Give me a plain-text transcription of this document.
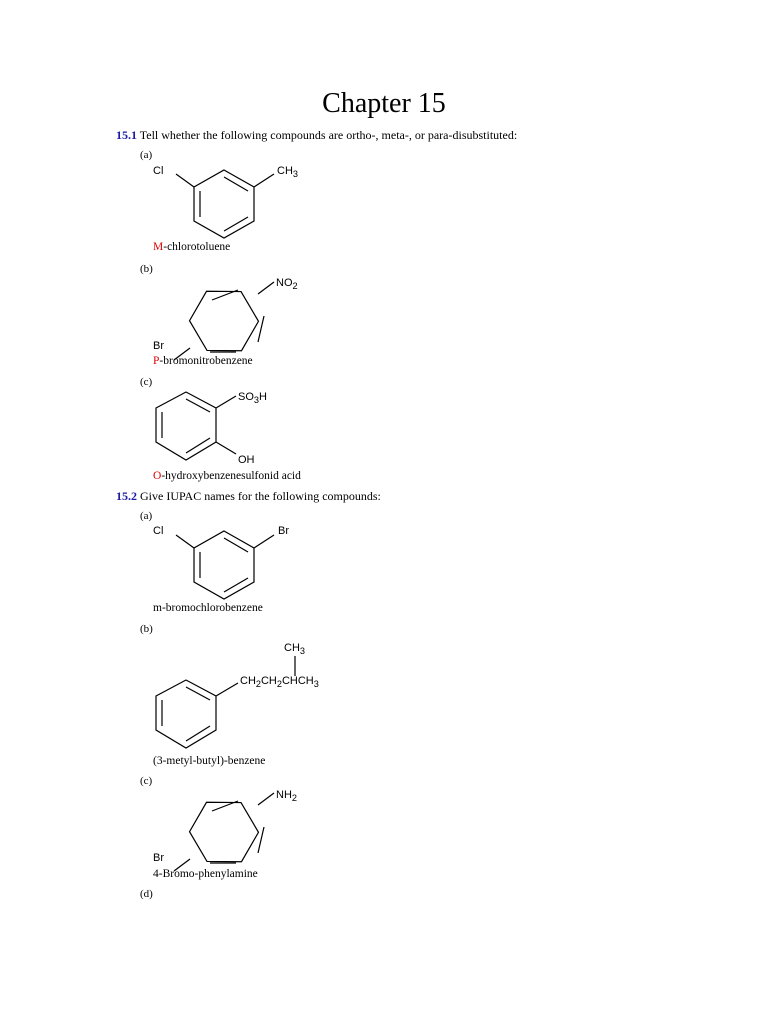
Chapter 15
15.1 Tell whether the following compounds are ortho-, meta-, or para-disubstituted:
(a)
Cl	$CH_3$
M-chlorotoluene
(b)
$NO_2$
Br
P-bromonitrobenzene
(c)
$SO_3H$
OH
O-hydroxybenzenesulfonid acid
15.2 Give IUPAC names for the following compounds:
(a)
Cl	Br
m-bromochlorobenzene
(b)
$CH_3$
$CH_2CH_2CHCH_3$
(3-metyl-butyl)-benzene
(c)
$NH_2$
Br
4-Bromo-phenylamine
(d)
